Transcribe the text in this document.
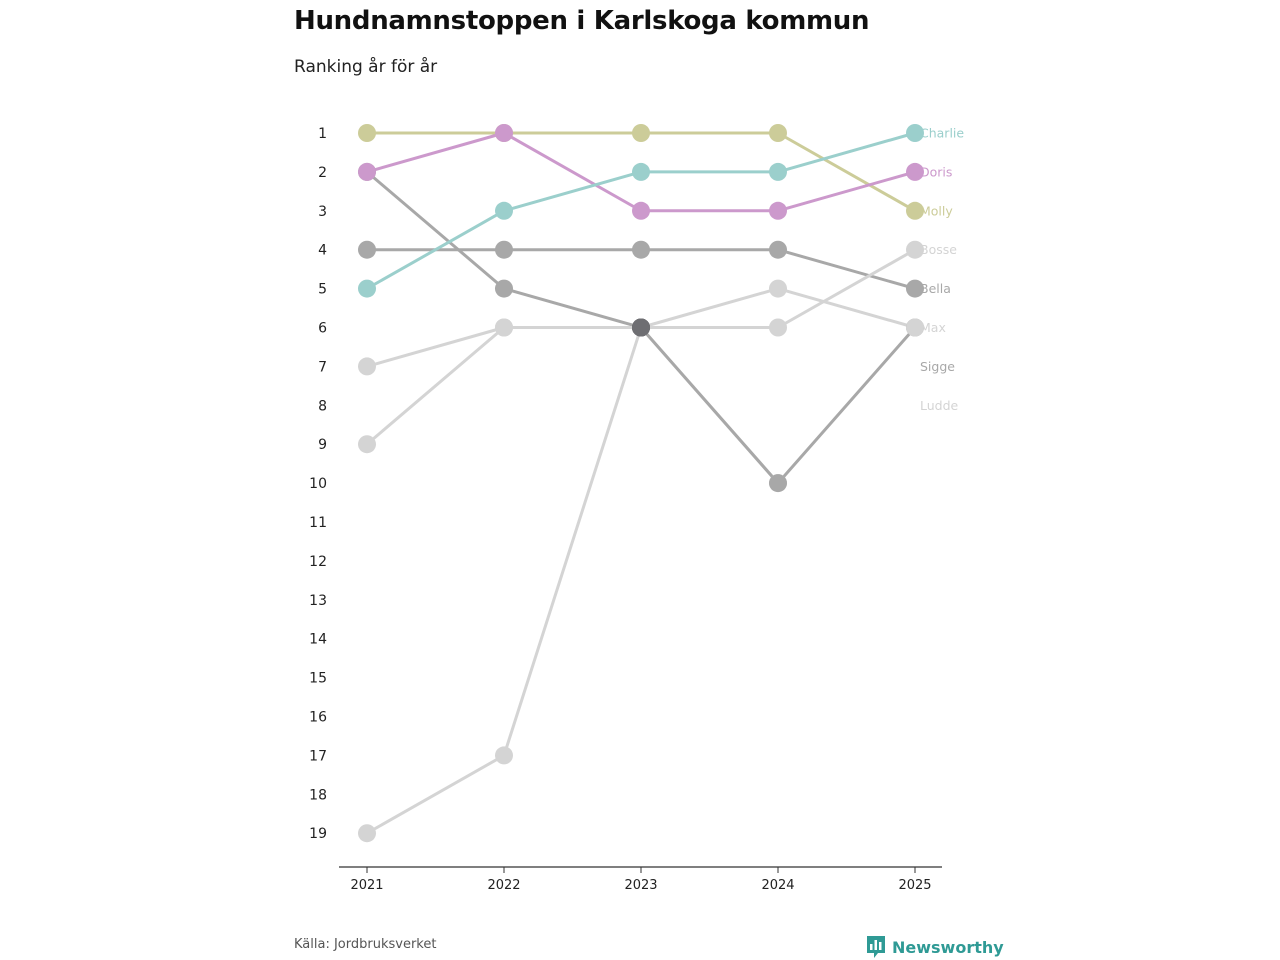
Hundnamnstoppen i Karlskoga kommun
Ranking år för år
1
2
3
4
5
6
7
8
9
10
11
12
13
14
15
16
17
18
19
2021	2022	2023	2024	2025
Charlie
Doris
Molly
Bosse
Bella
Max
Sigge
Ludde
Källa: Jordbruksverket	Newsworthy
